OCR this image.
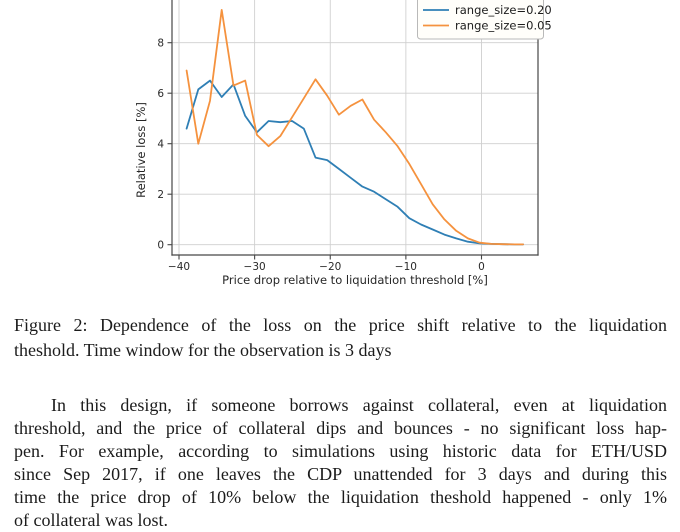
−40	−30	−20	−10	0
0
2
4
6
8
range_size=0.20
range_size=0.05
Price drop relative to liquidation threshold [%]
Relative loss [%]
Figure 2: Dependence of the loss on the price shift relative to the liquidation
theshold. Time window for the observation is 3 days
In this design, if someone borrows against collateral, even at liquidation
threshold, and the price of collateral dips and bounces - no significant loss hap-
pen. For example, according to simulations using historic data for ETH/USD
since Sep 2017, if one leaves the CDP unattended for 3 days and during this
time the price drop of 10% below the liquidation theshold happened - only 1%
of collateral was lost.
